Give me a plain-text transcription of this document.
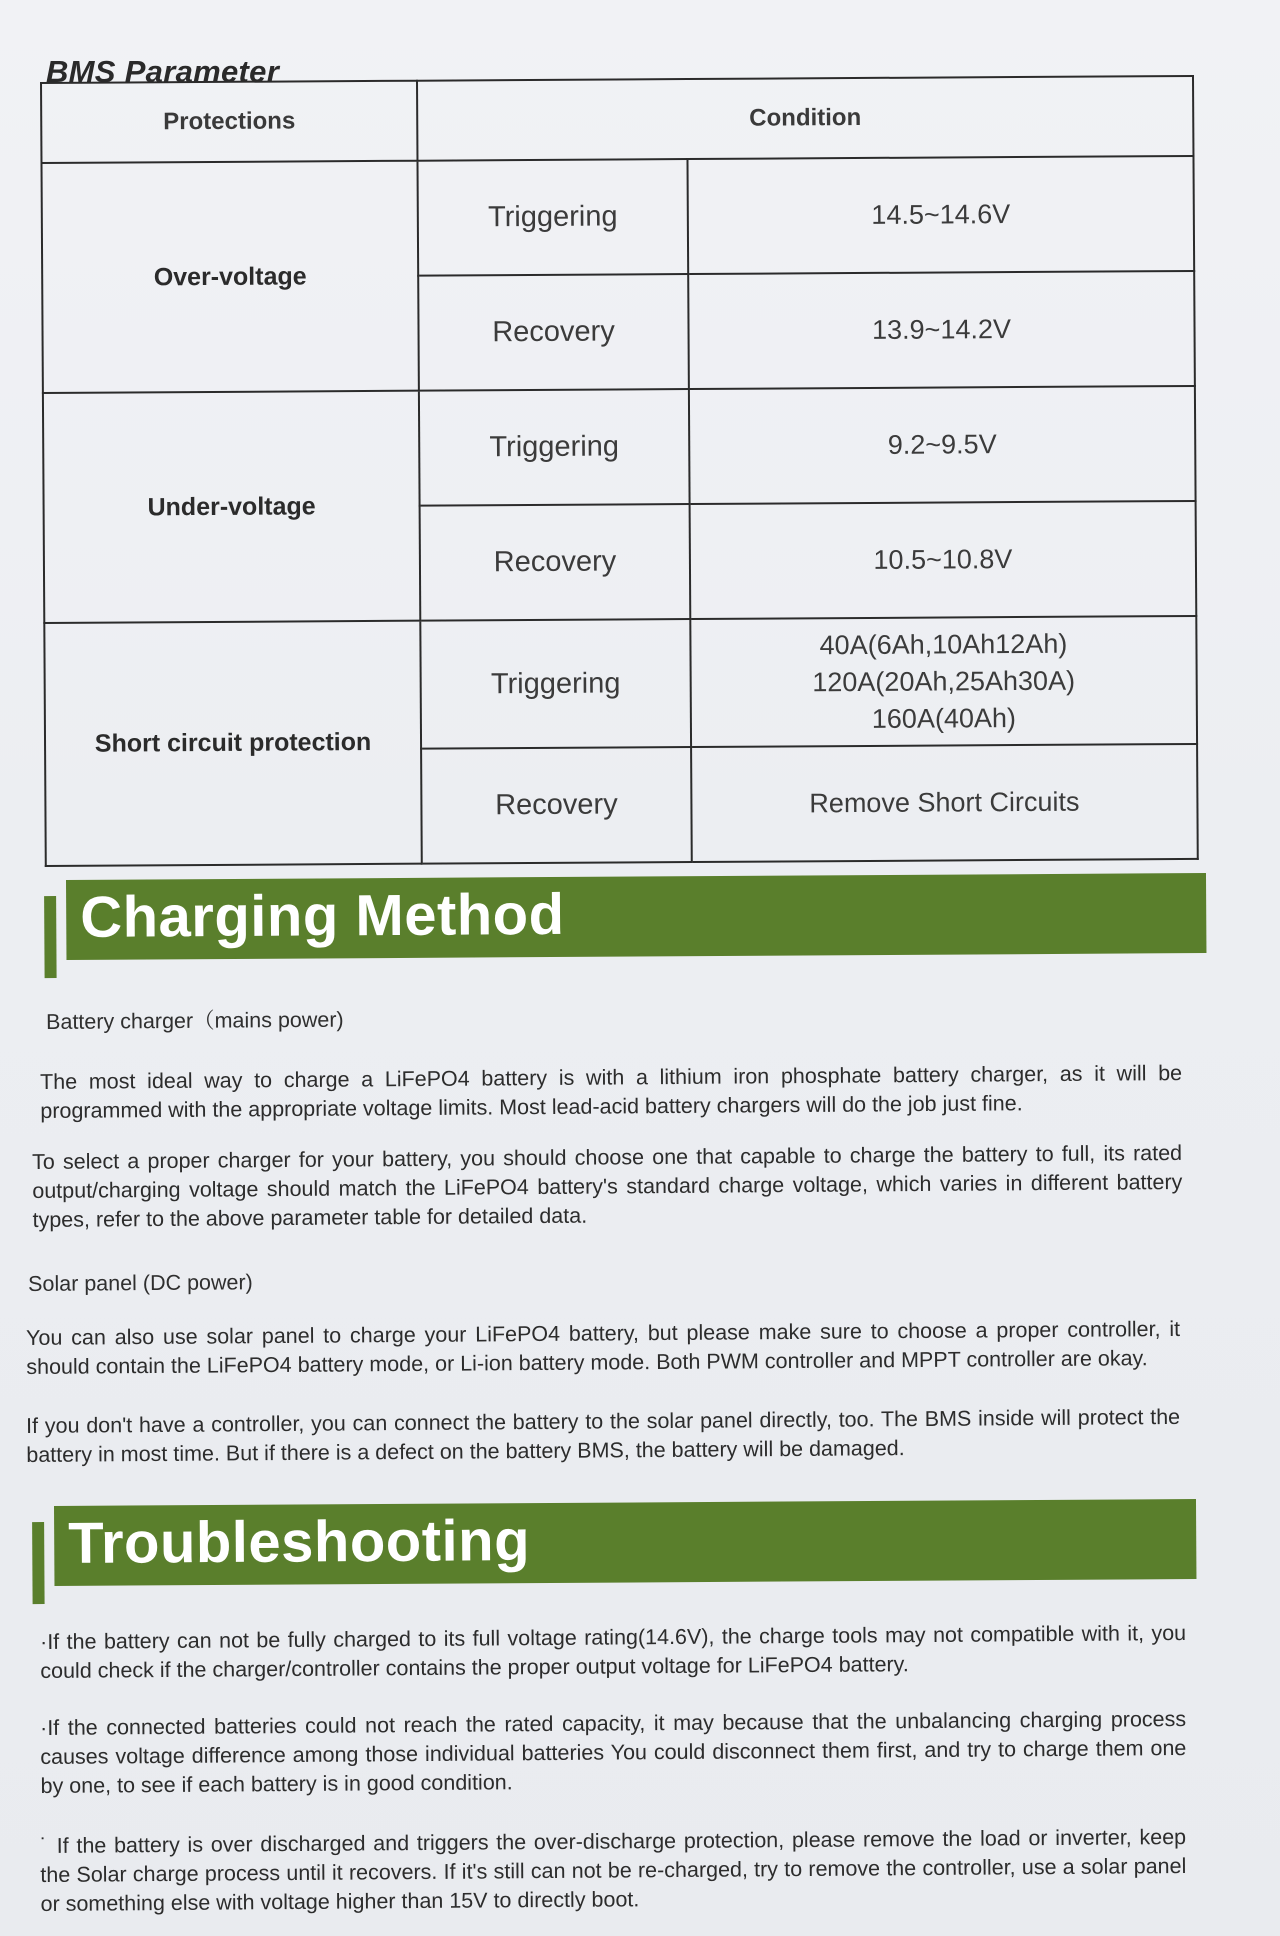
BMS Parameter
Protections	Condition	
Over-voltage	Triggering	14.5~14.6V

	Recovery	13.9~14.2V
Under-voltage	Triggering	9.2~9.5V

	Recovery	10.5~10.8V
Short circuit protection	Triggering	40A(6Ah,10Ah12Ah)
120A(20Ah,25Ah30A)
160A(40Ah)

	Recovery	Remove Short Circuits
Charging Method
Battery charger（mains power)
The most ideal way to charge a LiFePO4 battery is with a lithium iron phosphate battery charger, as it will be programmed with the appropriate voltage limits. Most lead-acid battery chargers will do the job just fine.
To select a proper charger for your battery, you should choose one that capable to charge the battery to full, its rated output/charging voltage should match the LiFePO4 battery's standard charge voltage, which varies in different battery types, refer to the above parameter table for detailed data.
Solar panel (DC power)
You can also use solar panel to charge your LiFePO4 battery, but please make sure to choose a proper controller, it should contain the LiFePO4 battery mode, or Li-ion battery mode. Both PWM controller and MPPT controller are okay.
If you don't have a controller, you can connect the battery to the solar panel directly, too. The BMS inside will protect the battery in most time. But if there is a defect on the battery BMS, the battery will be damaged.
Troubleshooting
·If the battery can not be fully charged to its full voltage rating(14.6V), the charge tools may not compatible with it, you could check if the charger/controller contains the proper output voltage for LiFePO4 battery.
·If the connected batteries could not reach the rated capacity, it may because that the unbalancing charging process causes voltage difference among those individual batteries You could disconnect them first, and try to charge them one by one, to see if each battery is in good condition.
˙ If the battery is over discharged and triggers the over-discharge protection, please remove the load or inverter, keep the Solar charge process until it recovers. If it's still can not be re-charged, try to remove the controller, use a solar panel or something else with voltage higher than 15V to directly boot.
